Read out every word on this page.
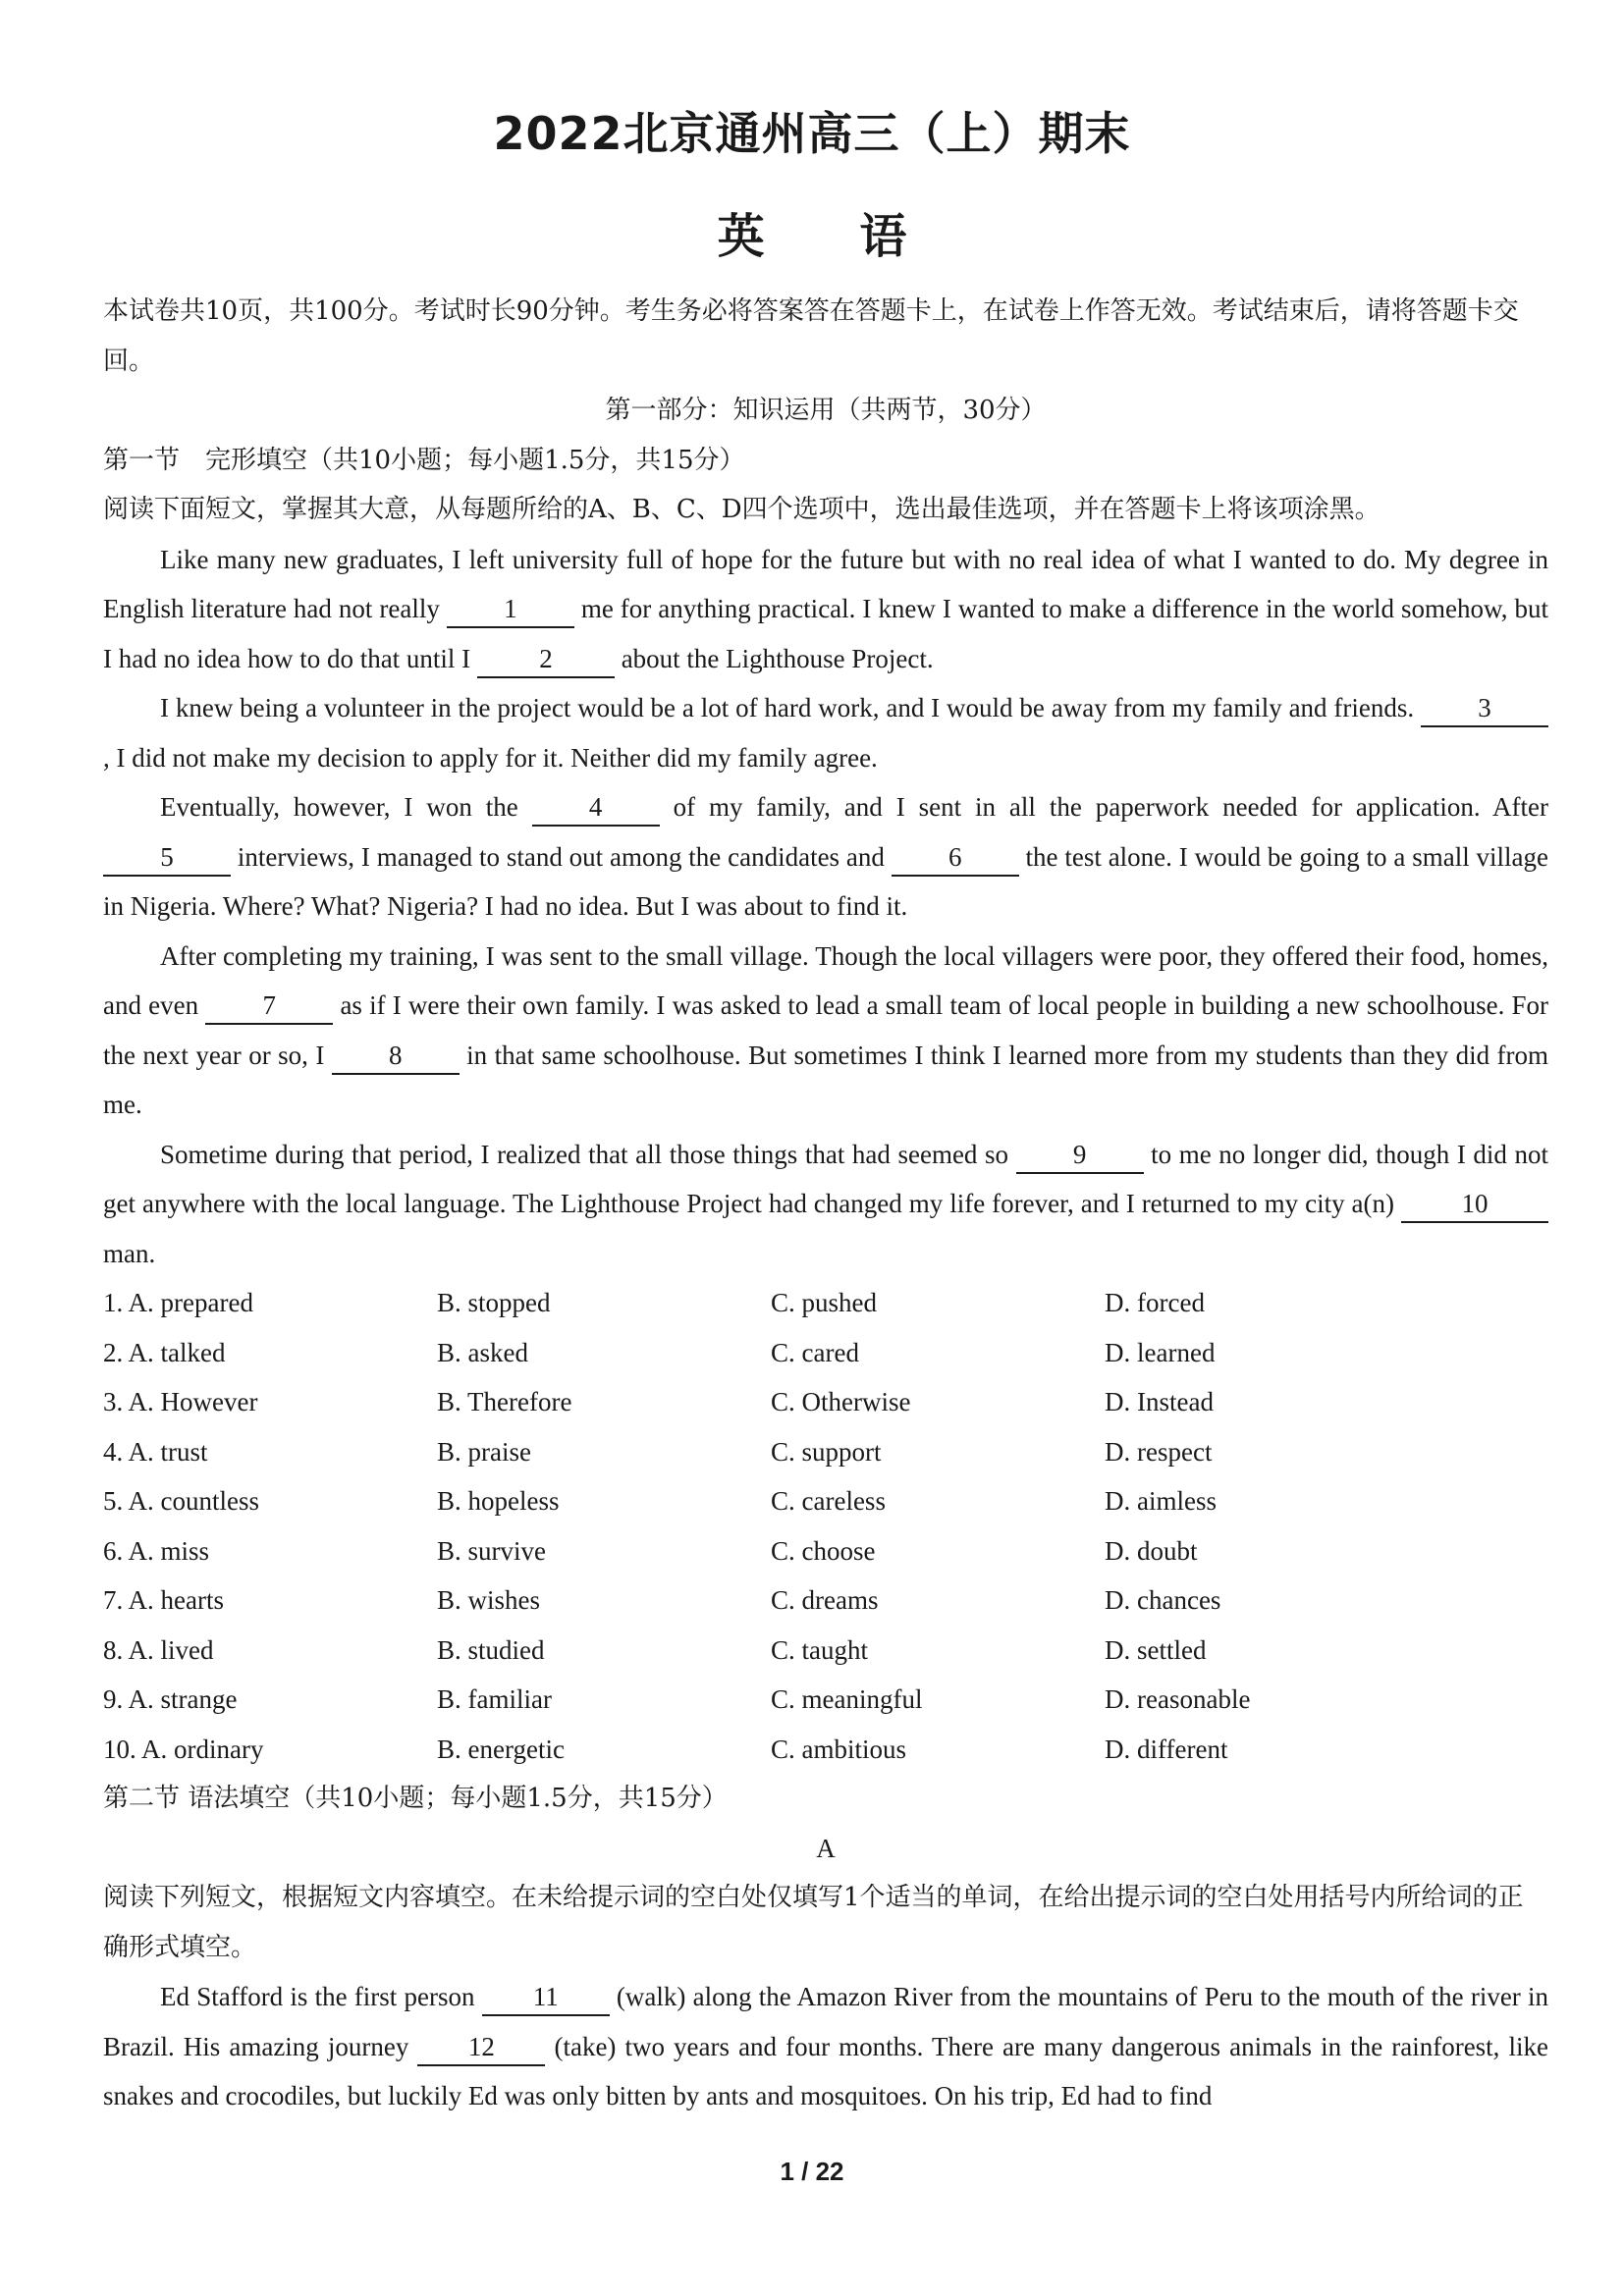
2022北京通州高三（上）期末
英 语

本试卷共10页，共100分。考试时长90分钟。考生务必将答案答在答题卡上，在试卷上作答无效。考试结束后，请将答题卡交回。

第一部分：知识运用（共两节，30分）

第一节　完形填空（共10小题；每小题1.5分，共15分）

阅读下面短文，掌握其大意，从每题所给的A、B、C、D四个选项中，选出最佳选项，并在答题卡上将该项涂黑。

Like many new graduates, I left university full of hope for the future but with no real idea of what I wanted to do. My degree in English literature had not really 1 me for anything practical. I knew I wanted to make a difference in the world somehow, but I had no idea how to do that until I 2 about the Lighthouse Project.

I knew being a volunteer in the project would be a lot of hard work, and I would be away from my family and friends. 3, I did not make my decision to apply for it. Neither did my family agree.

Eventually, however, I won the 4 of my family, and I sent in all the paperwork needed for application. After 5 interviews, I managed to stand out among the candidates and 6 the test alone. I would be going to a small village in Nigeria. Where? What? Nigeria? I had no idea. But I was about to find it.

After completing my training, I was sent to the small village. Though the local villagers were poor, they offered their food, homes, and even 7 as if I were their own family. I was asked to lead a small team of local people in building a new schoolhouse. For the next year or so, I 8 in that same schoolhouse. But sometimes I think I learned more from my students than they did from me.

Sometime during that period, I realized that all those things that had seemed so 9 to me no longer did, though I did not get anywhere with the local language. The Lighthouse Project had changed my life forever, and I returned to my city a(n) 10 man.

1. A. prepared	B. stopped	C. pushed	D. forced
2. A. talked	B. asked	C. cared	D. learned
3. A. However	B. Therefore	C. Otherwise	D. Instead
4. A. trust	B. praise	C. support	D. respect
5. A. countless	B. hopeless	C. careless	D. aimless
6. A. miss	B. survive	C. choose	D. doubt
7. A. hearts	B. wishes	C. dreams	D. chances
8. A. lived	B. studied	C. taught	D. settled
9. A. strange	B. familiar	C. meaningful	D. reasonable
10. A. ordinary	B. energetic	C. ambitious	D. different

第二节 语法填空（共10小题；每小题1.5分，共15分）

A

阅读下列短文，根据短文内容填空。在未给提示词的空白处仅填写1个适当的单词，在给出提示词的空白处用括号内所给词的正确形式填空。

Ed Stafford is the first person 11 (walk) along the Amazon River from the mountains of Peru to the mouth of the river in Brazil. His amazing journey 12 (take) two years and four months. There are many dangerous animals in the rainforest, like snakes and crocodiles, but luckily Ed was only bitten by ants and mosquitoes. On his trip, Ed had to find

1 / 22
